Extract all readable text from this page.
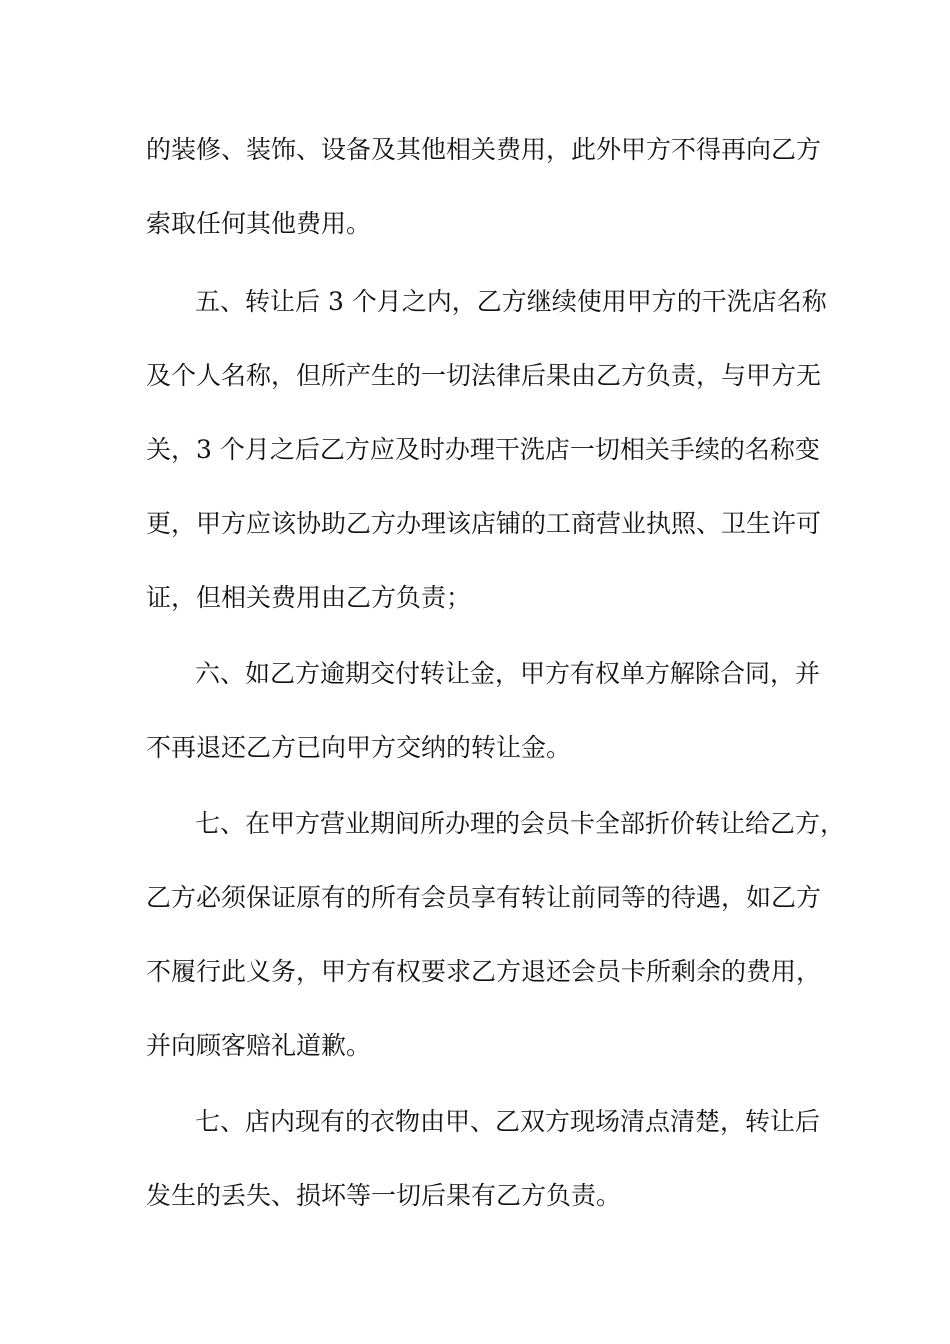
的装修、装饰、设备及其他相关费用，此外甲方不得再向乙方
索取任何其他费用。
五、转让后 3 个月之内，乙方继续使用甲方的干洗店名称
及个人名称，但所产生的一切法律后果由乙方负责，与甲方无
关，3 个月之后乙方应及时办理干洗店一切相关手续的名称变
更，甲方应该协助乙方办理该店铺的工商营业执照、卫生许可
证，但相关费用由乙方负责；
六、如乙方逾期交付转让金，甲方有权单方解除合同，并
不再退还乙方已向甲方交纳的转让金。
七、在甲方营业期间所办理的会员卡全部折价转让给乙方，
乙方必须保证原有的所有会员享有转让前同等的待遇，如乙方
不履行此义务，甲方有权要求乙方退还会员卡所剩余的费用，
并向顾客赔礼道歉。
七、店内现有的衣物由甲、乙双方现场清点清楚，转让后
发生的丢失、损坏等一切后果有乙方负责。
